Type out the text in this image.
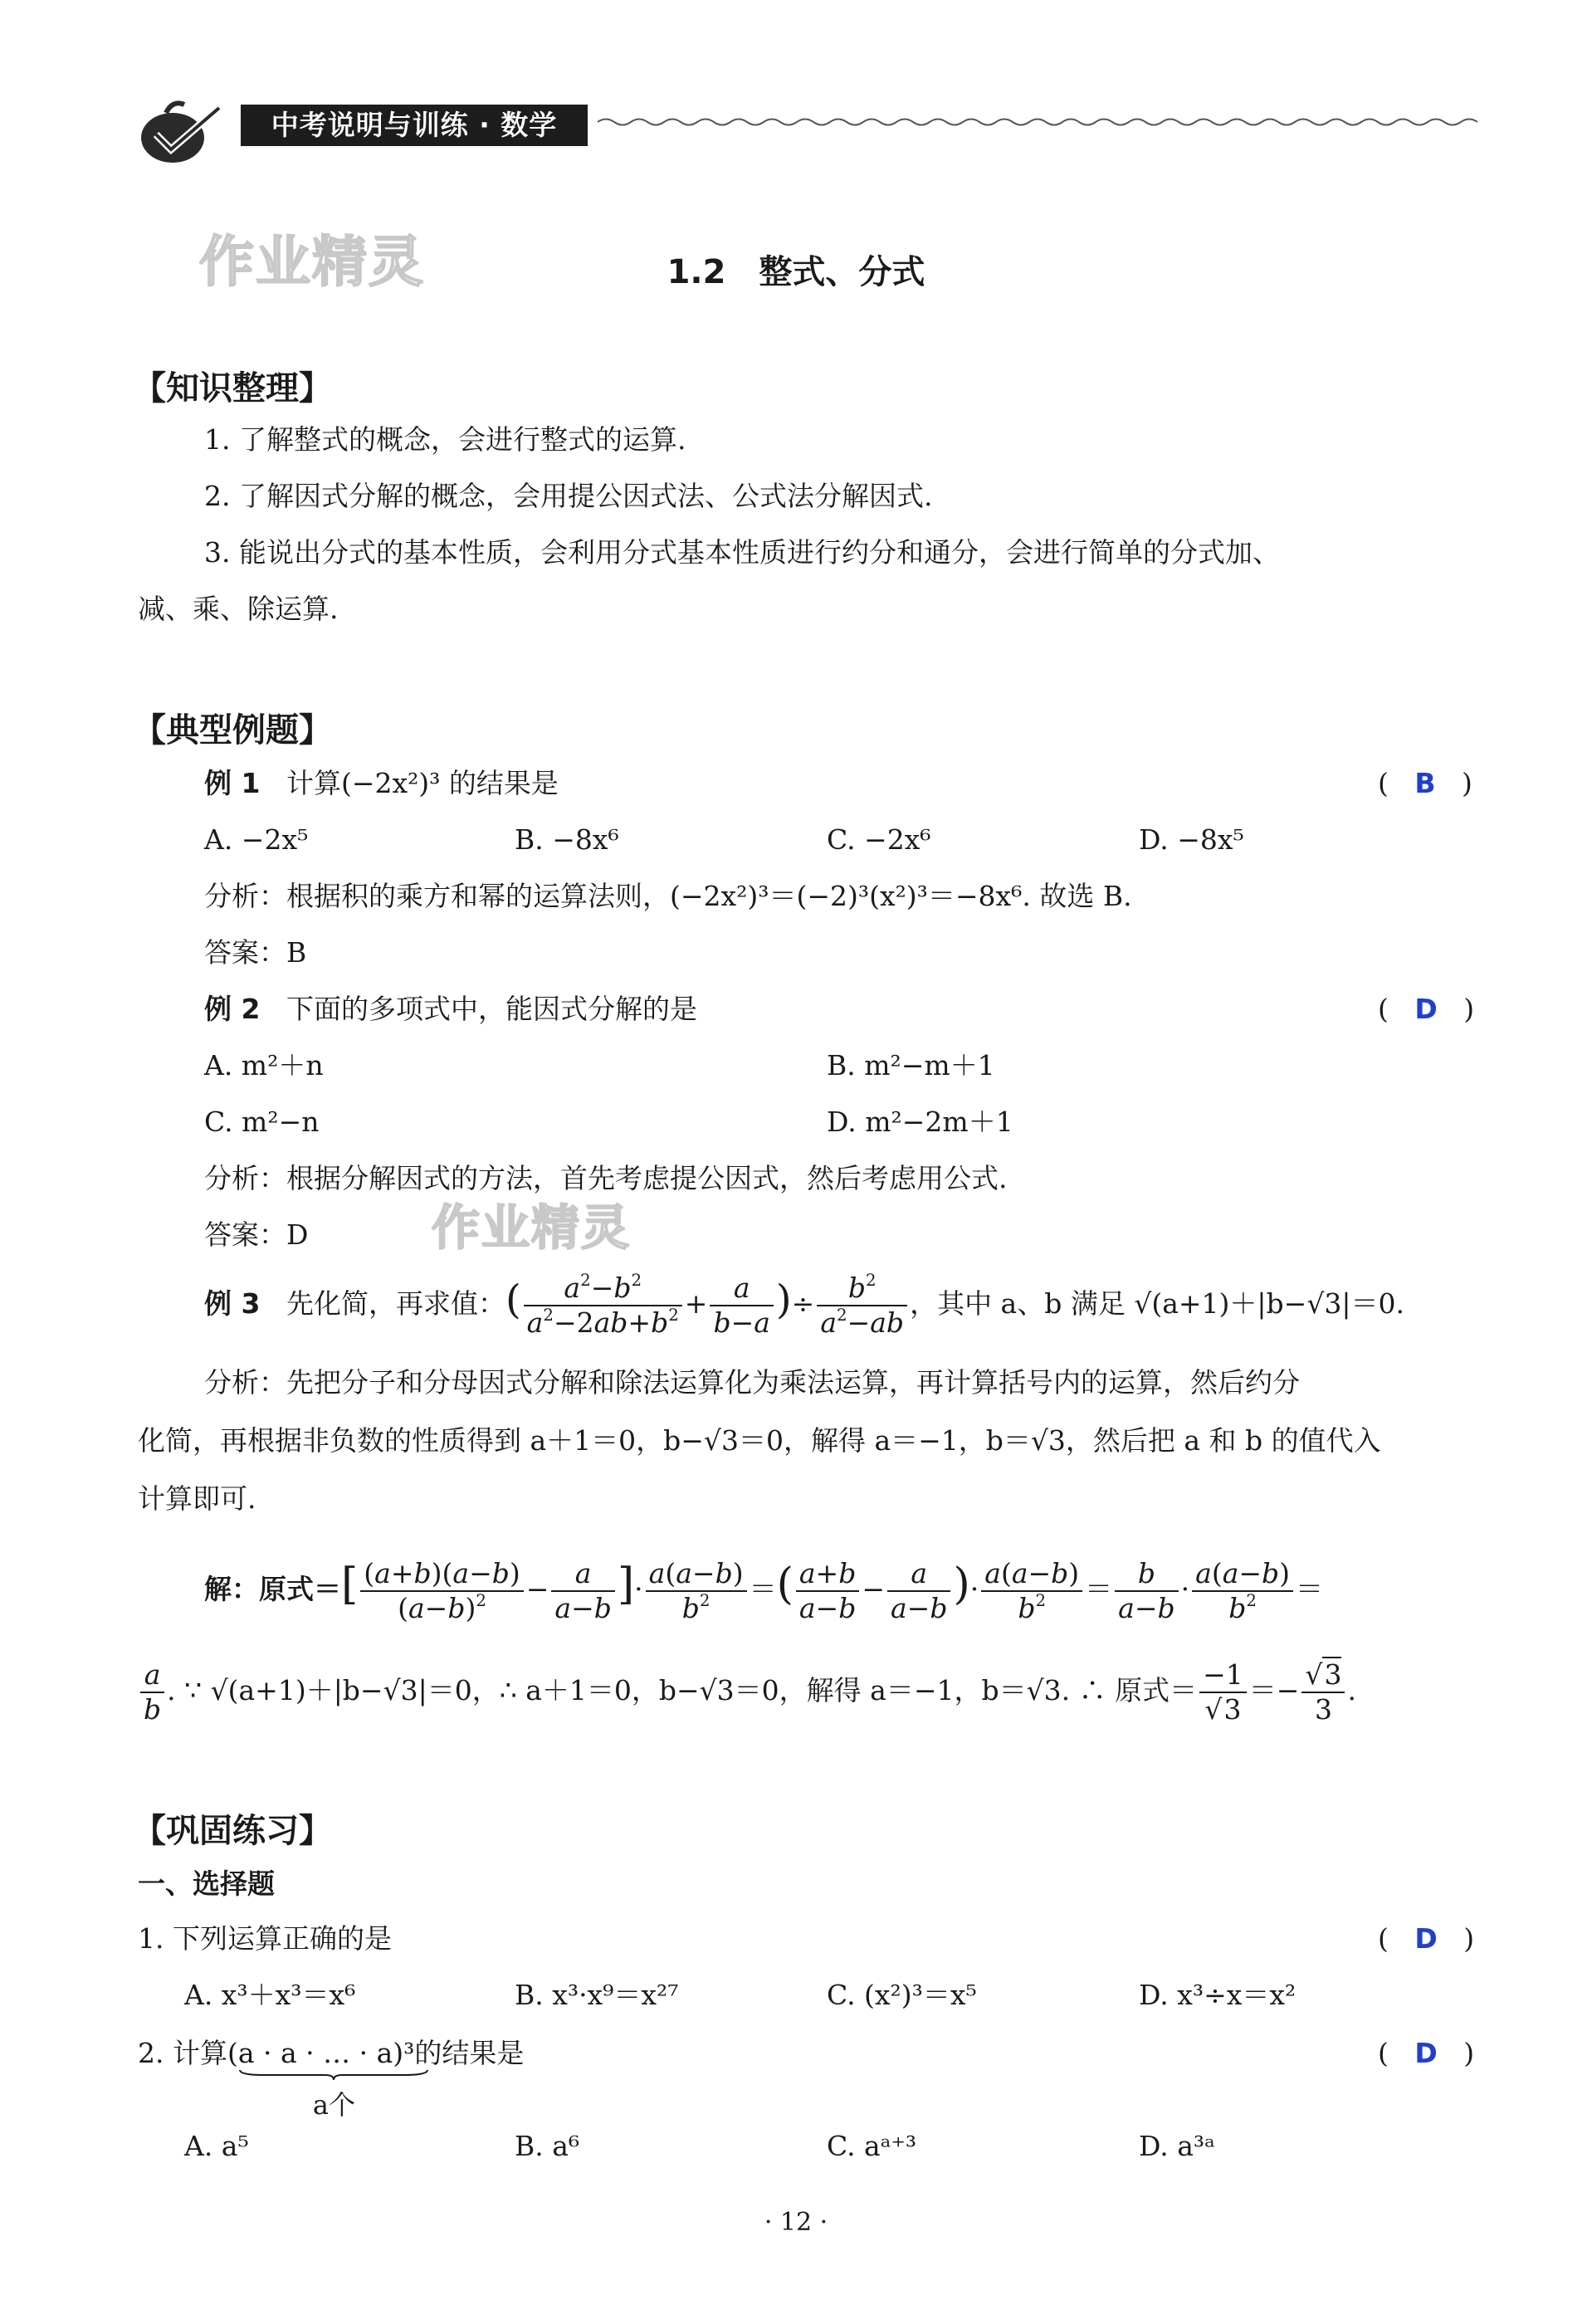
中考说明与训练 · 数学
作业精灵
作业精灵
1.2　整式、分式
【知识整理】
1. 了解整式的概念，会进行整式的运算.
2. 了解因式分解的概念，会用提公因式法、公式法分解因式.
3. 能说出分式的基本性质，会利用分式基本性质进行约分和通分，会进行简单的分式加、
减、乘、除运算.
【典型例题】
例 1 计算(−2x²)³ 的结果是	(   B   )
A. −2x⁵	B. −8x⁶	C. −2x⁶	D. −8x⁵
分析：根据积的乘方和幂的运算法则，(−2x²)³＝(−2)³(x²)³＝−8x⁶. 故选 B.
答案：B
例 2 下面的多项式中，能因式分解的是	(   D   )
A. m²＋n	B. m²−m＋1
C. m²−n	D. m²−2m＋1
分析：根据分解因式的方法，首先考虑提公因式，然后考虑用公式.
答案：D
例 3 先化简，再求值：( $\frac{a^2-b^2}{a^2-2ab+b^2} + \frac{a}{b-a}$ )÷ $\frac{b^2}{a^2-ab}$ ，其中 a、b 满足 √(a+1)＋|b−√3|＝0.
分析：先把分子和分母因式分解和除法运算化为乘法运算，再计算括号内的运算，然后约分
化简，再根据非负数的性质得到 a＋1＝0，b−√3＝0，解得 a＝−1，b＝√3，然后把 a 和 b 的值代入
计算即可.
解：原式＝[ $\frac{(a+b)(a-b)}{(a-b)^2} - \frac{a}{a-b}$ ]· $\frac{a(a-b)}{b^2}$ ＝( $\frac{a+b}{a-b} - \frac{a}{a-b}$ )· $\frac{a(a-b)}{b^2} = \frac{b}{a-b} \cdot \frac{a(a-b)}{b^2}$ ＝
$\frac{a}{b}$ . ∵ √(a+1)＋|b−√3|＝0，∴ a＋1＝0，b−√3＝0，解得 a＝−1，b＝√3. ∴ 原式＝ $\frac{-1}{√3} =- \frac{√3}{3}$ .
【巩固练习】
一、选择题
1. 下列运算正确的是	(   D   )
A. x³＋x³＝x⁶	B. x³·x⁹＝x²⁷	C. (x²)³＝x⁵	D. x³÷x＝x²
2. 计算(a · a · … · a
a个
)³的结果是	(   D   )
A. a⁵	B. a⁶	C. aᵃ⁺³	D. a³ᵃ
· 12 ·
